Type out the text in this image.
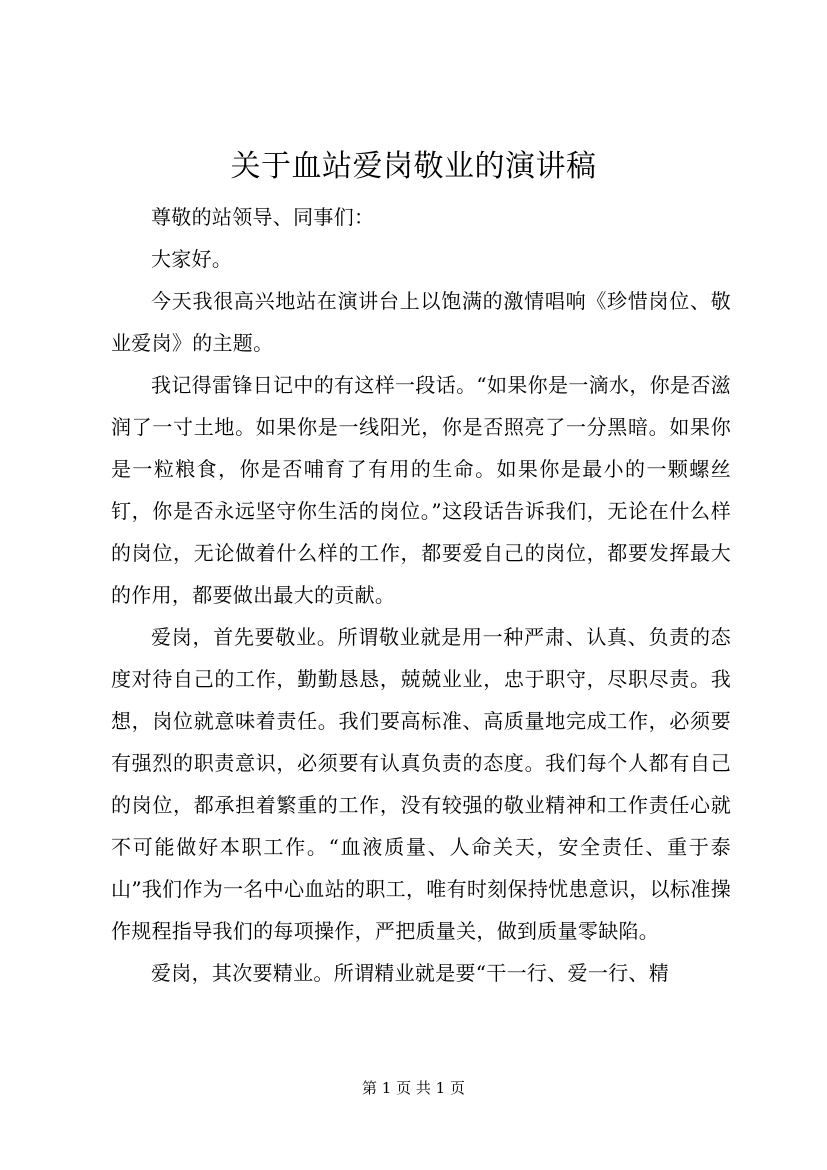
关于血站爱岗敬业的演讲稿

尊敬的站领导、同事们：

大家好。

今天我很高兴地站在演讲台上以饱满的激情唱响《珍惜岗位、敬业爱岗》的主题。

我记得雷锋日记中的有这样一段话。“如果你是一滴水，你是否滋润了一寸土地。如果你是一线阳光，你是否照亮了一分黑暗。如果你是一粒粮食，你是否哺育了有用的生命。如果你是最小的一颗螺丝钉，你是否永远坚守你生活的岗位。”这段话告诉我们，无论在什么样的岗位，无论做着什么样的工作，都要爱自己的岗位，都要发挥最大的作用，都要做出最大的贡献。

爱岗，首先要敬业。所谓敬业就是用一种严肃、认真、负责的态度对待自己的工作，勤勤恳恳，兢兢业业，忠于职守，尽职尽责。我想，岗位就意味着责任。我们要高标准、高质量地完成工作，必须要有强烈的职责意识，必须要有认真负责的态度。我们每个人都有自己的岗位，都承担着繁重的工作，没有较强的敬业精神和工作责任心就不可能做好本职工作。“血液质量、人命关天，安全责任、重于泰山”我们作为一名中心血站的职工，唯有时刻保持忧患意识，以标准操作规程指导我们的每项操作，严把质量关，做到质量零缺陷。

爱岗，其次要精业。所谓精业就是要“干一行、爱一行、精

第 1 页 共 1 页
